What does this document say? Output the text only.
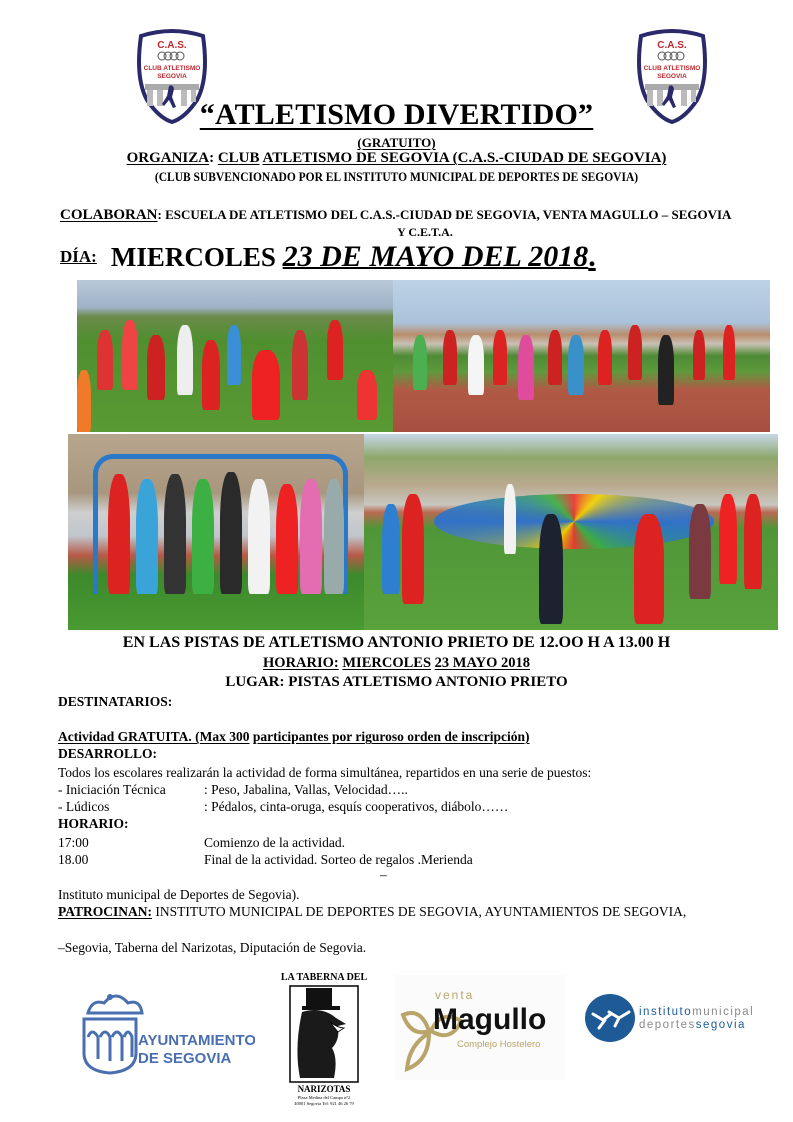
C.A.S.
CLUB ATLETISMO
SEGOVIA
C.A.S.
CLUB ATLETISMO
SEGOVIA
“ATLETISMO DIVERTIDO”
(GRATUITO)
ORGANIZA: CLUB ATLETISMO DE SEGOVIA (C.A.S.-CIUDAD DE SEGOVIA)
(CLUB SUBVENCIONADO POR EL INSTITUTO MUNICIPAL DE DEPORTES DE SEGOVIA)
COLABORAN: ESCUELA DE ATLETISMO DEL C.A.S.-CIUDAD DE SEGOVIA, VENTA MAGULLO – SEGOVIA
Y C.E.T.A.
DÍA: MIERCOLES 23 DE MAYO DEL 2018.
EN LAS PISTAS DE ATLETISMO ANTONIO PRIETO DE 12.OO H A 13.00 H
HORARIO: MIERCOLES 23 MAYO 2018
LUGAR: PISTAS ATLETISMO ANTONIO PRIETO
DESTINATARIOS:
Actividad GRATUITA. (Max 300 participantes por riguroso orden de inscripción)
DESARROLLO:
Todos los escolares realizarán la actividad de forma simultánea, repartidos en una serie de puestos:
- Iniciación Técnica	: Peso, Jabalina, Vallas, Velocidad…..
- Lúdicos	: Pédalos, cinta-oruga, esquís cooperativos, diábolo……
HORARIO:
17:00	Comienzo de la actividad.
18.00	Final de la actividad. Sorteo de regalos .Merienda
–
Instituto municipal de Deportes de Segovia).
PATROCINAN: INSTITUTO MUNICIPAL DE DEPORTES DE SEGOVIA, AYUNTAMIENTOS DE SEGOVIA,
–Segovia, Taberna del Narizotas, Diputación de Segovia.
AYUNTAMIENTO
DE SEGOVIA
LA TABERNA DEL
NARIZOTAS
Plaza Medina del Campo nº2
40001 Segovia Tel: 921 46 26 79
venta
Magullo
Complejo Hostelero
institutomunicipal
deportessegovia
